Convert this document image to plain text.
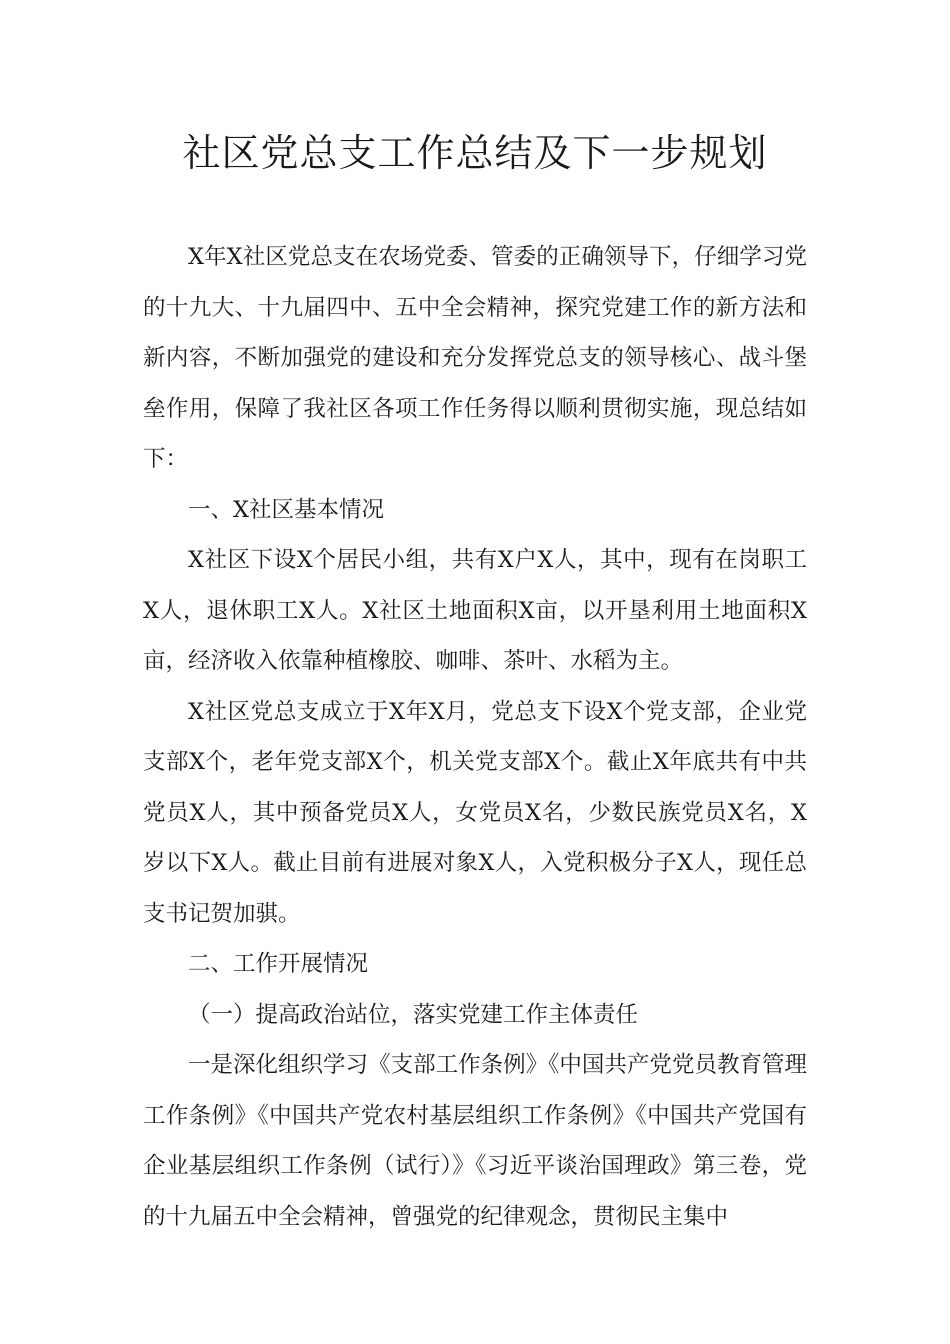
社区党总支工作总结及下一步规划

X年X社区党总支在农场党委、管委的正确领导下，仔细学习党的十九大、十九届四中、五中全会精神，探究党建工作的新方法和新内容，不断加强党的建设和充分发挥党总支的领导核心、战斗堡垒作用，保障了我社区各项工作任务得以顺利贯彻实施，现总结如下：

一、X社区基本情况

X社区下设X个居民小组，共有X户X人，其中，现有在岗职工X人，退休职工X人。X社区土地面积X亩，以开垦利用土地面积X亩，经济收入依靠种植橡胶、咖啡、茶叶、水稻为主。

X社区党总支成立于X年X月，党总支下设X个党支部，企业党支部X个，老年党支部X个，机关党支部X个。截止X年底共有中共党员X人，其中预备党员X人，女党员X名，少数民族党员X名，X岁以下X人。截止目前有进展对象X人，入党积极分子X人，现任总支书记贺加骐。

二、工作开展情况

（一）提高政治站位，落实党建工作主体责任

一是深化组织学习《支部工作条例》《中国共产党党员教育管理工作条例》《中国共产党农村基层组织工作条例》《中国共产党国有企业基层组织工作条例（试行）》《习近平谈治国理政》第三卷，党的十九届五中全会精神，曾强党的纪律观念，贯彻民主集中
